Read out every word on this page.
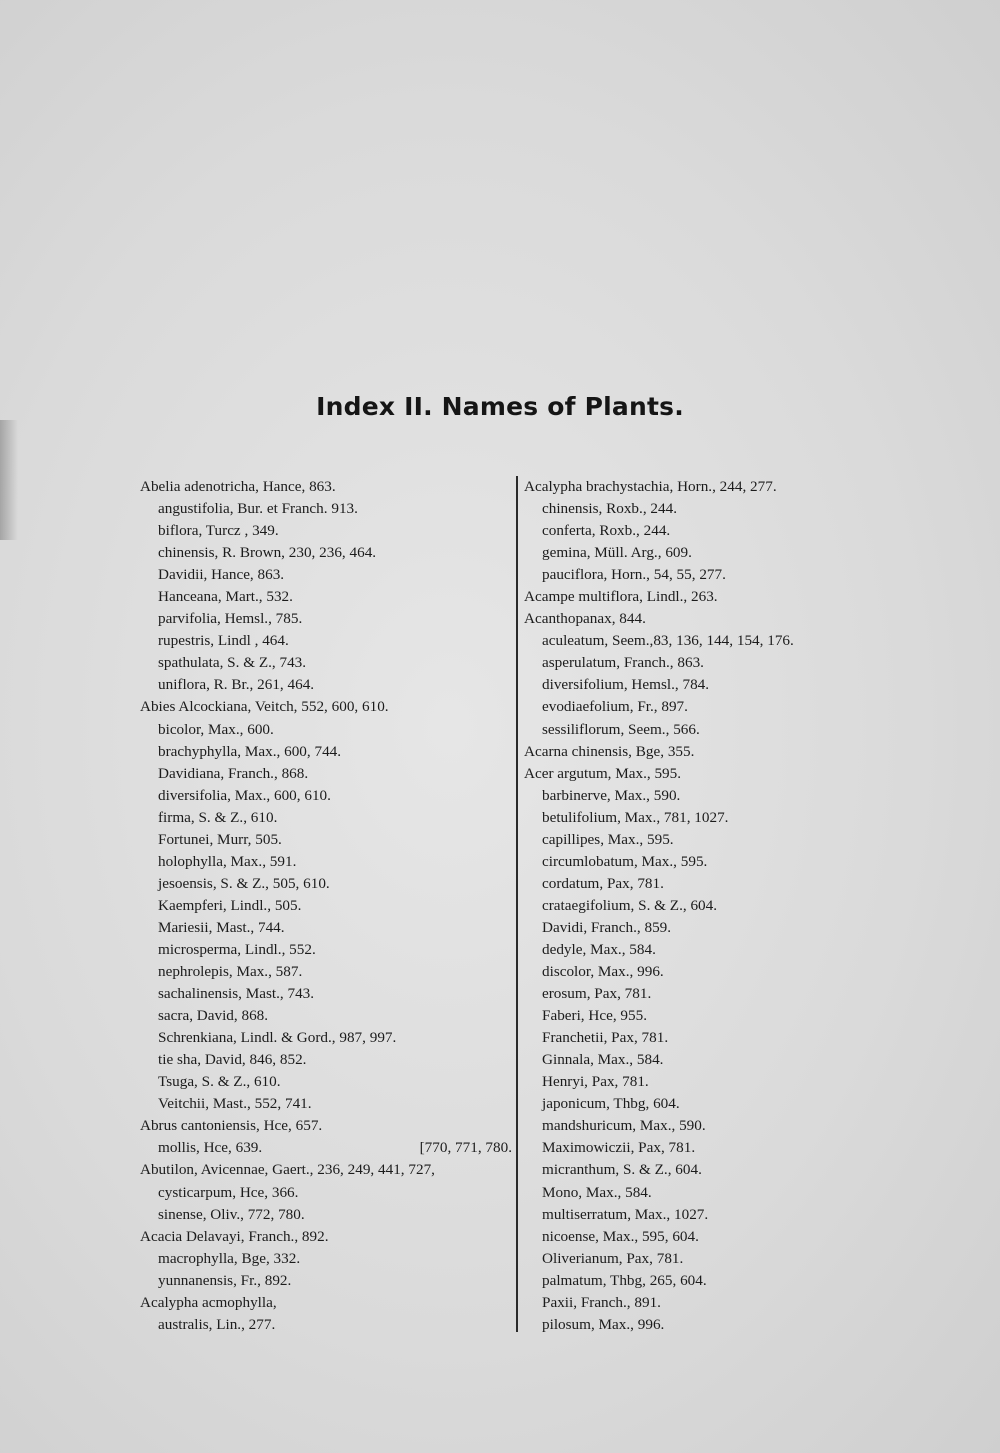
Index II. Names of Plants.
Abelia adenotricha, Hance, 863.
angustifolia, Bur. et Franch. 913.
biflora, Turcz , 349.
chinensis, R. Brown, 230, 236, 464.
Davidii, Hance, 863.
Hanceana, Mart., 532.
parvifolia, Hemsl., 785.
rupestris, Lindl , 464.
spathulata, S. & Z., 743.
uniflora, R. Br., 261, 464.
Abies Alcockiana, Veitch, 552, 600, 610.
bicolor, Max., 600.
brachyphylla, Max., 600, 744.
Davidiana, Franch., 868.
diversifolia, Max., 600, 610.
firma, S. & Z., 610.
Fortunei, Murr, 505.
holophylla, Max., 591.
jesoensis, S. & Z., 505, 610.
Kaempferi, Lindl., 505.
Mariesii, Mast., 744.
microsperma, Lindl., 552.
nephrolepis, Max., 587.
sachalinensis, Mast., 743.
sacra, David, 868.
Schrenkiana, Lindl. & Gord., 987, 997.
tie sha, David, 846, 852.
Tsuga, S. & Z., 610.
Veitchii, Mast., 552, 741.
Abrus cantoniensis, Hce, 657.
mollis, Hce, 639.	[770, 771, 780.
Abutilon, Avicennae, Gaert., 236, 249, 441, 727,
cysticarpum, Hce, 366.
sinense, Oliv., 772, 780.
Acacia Delavayi, Franch., 892.
macrophylla, Bge, 332.
yunnanensis, Fr., 892.
Acalypha acmophylla,
australis, Lin., 277.
Acalypha brachystachia, Horn., 244, 277.
chinensis, Roxb., 244.
conferta, Roxb., 244.
gemina, Müll. Arg., 609.
pauciflora, Horn., 54, 55, 277.
Acampe multiflora, Lindl., 263.
Acanthopanax, 844.
aculeatum, Seem.,83, 136, 144, 154, 176.
asperulatum, Franch., 863.
diversifolium, Hemsl., 784.
evodiaefolium, Fr., 897.
sessiliflorum, Seem., 566.
Acarna chinensis, Bge, 355.
Acer argutum, Max., 595.
barbinerve, Max., 590.
betulifolium, Max., 781, 1027.
capillipes, Max., 595.
circumlobatum, Max., 595.
cordatum, Pax, 781.
crataegifolium, S. & Z., 604.
Davidi, Franch., 859.
dedyle, Max., 584.
discolor, Max., 996.
erosum, Pax, 781.
Faberi, Hce, 955.
Franchetii, Pax, 781.
Ginnala, Max., 584.
Henryi, Pax, 781.
japonicum, Thbg, 604.
mandshuricum, Max., 590.
Maximowiczii, Pax, 781.
micranthum, S. & Z., 604.
Mono, Max., 584.
multiserratum, Max., 1027.
nicoense, Max., 595, 604.
Oliverianum, Pax, 781.
palmatum, Thbg, 265, 604.
Paxii, Franch., 891.
pilosum, Max., 996.
